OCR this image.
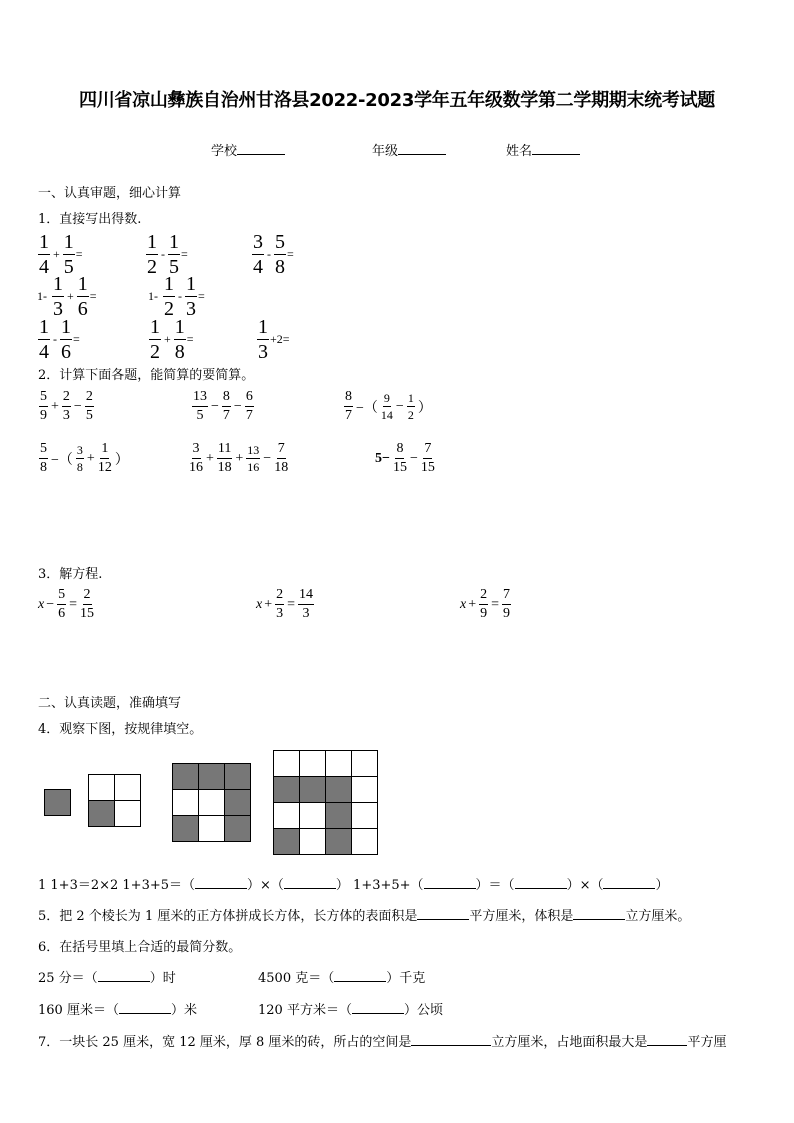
四川省凉山彝族自治州甘洛县2022-2023学年五年级数学第二学期期末统考试题
学校	年级	姓名
一、认真审题，细心计算
1．直接写出得数.
$\frac{1}{4} + \frac{1}{5}$ =	$\frac{1}{2} - \frac{1}{5}$ =	$\frac{3}{4} - \frac{5}{8}$ =
$1- \frac{1}{3} + \frac{1}{6}$ =	$1- \frac{1}{2} - \frac{1}{3}$ =
$\frac{1}{4} - \frac{1}{6}$ =	$\frac{1}{2} + \frac{1}{8}$ =	$\frac{1}{3} +2=$
2．计算下面各题，能简算的要简算。
$\frac{5}{9} + \frac{2}{3} - \frac{2}{5}$	$\frac{13}{5} - \frac{8}{7} - \frac{6}{7}$	$\frac{8}{7}$ −（ $\frac{9}{14} - \frac{1}{2}$ ）
$\frac{5}{8}$ −（ $\frac{3}{8} + \frac{1}{12}$ ）	$\frac{3}{16} + \frac{11}{18} + \frac{13}{16} - \frac{7}{18}$	$5- \frac{8}{15} - \frac{7}{15}$
3．解方程.
$x - \frac{5}{6} = \frac{2}{15}$	$x + \frac{2}{3} = \frac{14}{3}$	$x + \frac{2}{9} = \frac{7}{9}$
二、认真读题，准确填写
4．观察下图，按规律填空。

1 1+3＝2×2 1+3+5＝（	）×（	） 1+3+5+（	）＝（	）×（	）
5．把 2 个棱长为 1 厘米的正方体拼成长方体，长方体的表面积是	平方厘米，体积是	立方厘米。
6．在括号里填上合适的最简分数。
25 分＝（	）时	4500 克＝（	）千克
160 厘米＝（	）米	120 平方米＝（	）公顷
7．一块长 25 厘米，宽 12 厘米，厚 8 厘米的砖，所占的空间是	立方厘米，占地面积最大是	平方厘
